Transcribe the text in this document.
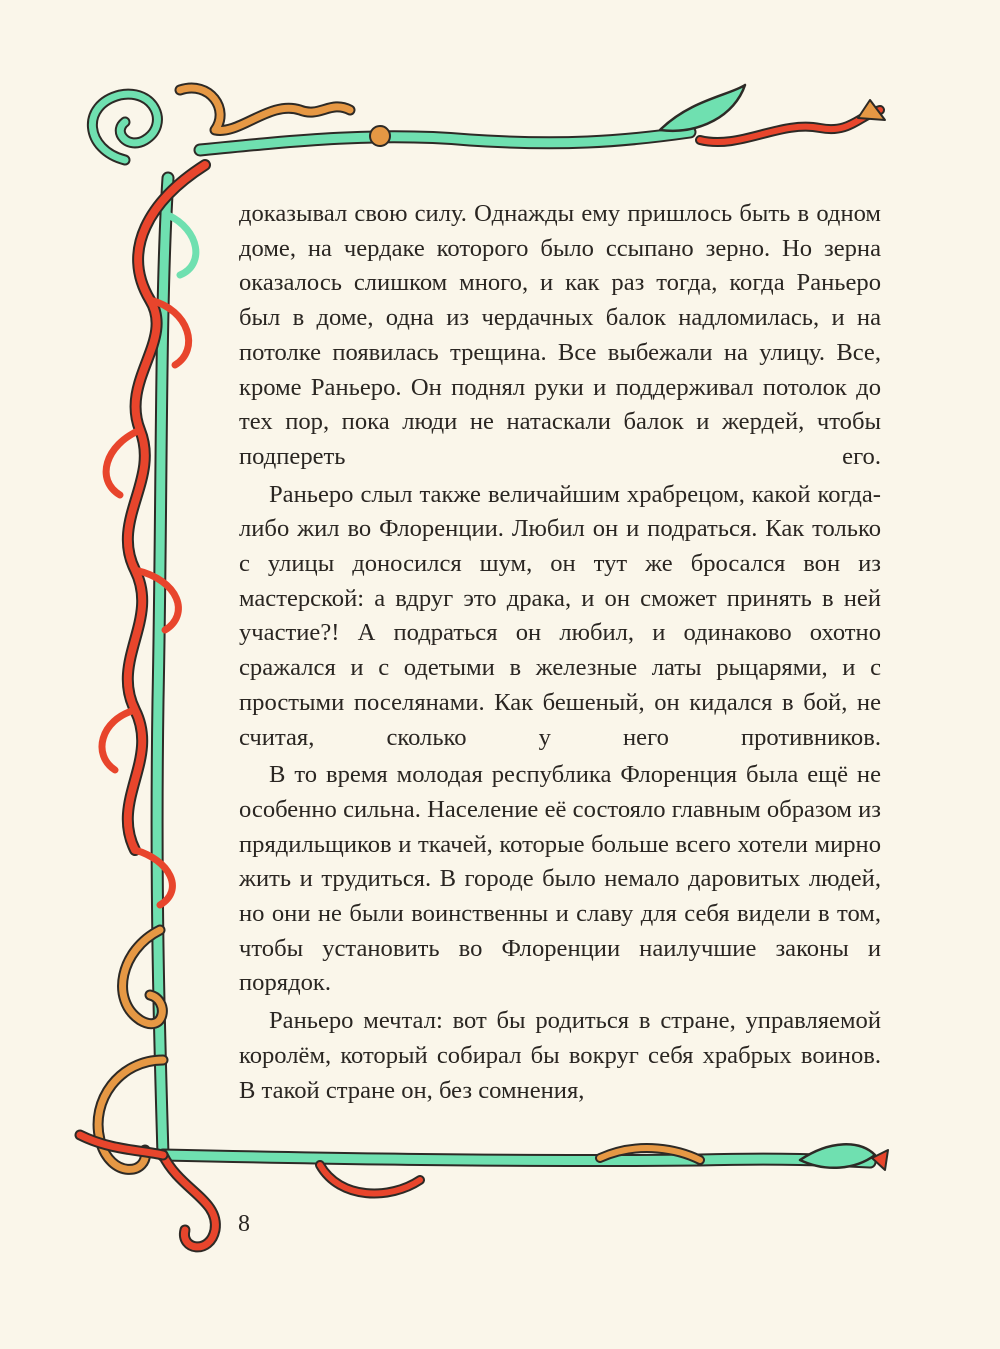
доказывал свою силу. Однажды ему пришлось быть в одном доме, на чердаке которого было ссыпано зерно. Но зерна оказалось слишком много, и как раз тогда, когда Раньеро был в доме, одна из чердачных балок надломилась, и на потолке появилась трещина. Все выбежали на улицу. Все, кроме Раньеро. Он поднял руки и поддерживал потолок до тех пор, пока люди не натаскали балок и жердей, чтобы подпереть его.

Раньеро слыл также величайшим храбрецом, какой когда-либо жил во Флоренции. Любил он и подраться. Как только с улицы доносился шум, он тут же бросался вон из мастерской: а вдруг это драка, и он сможет принять в ней участие?! А подраться он любил, и одинаково охотно сражался и с одетыми в железные латы рыцарями, и с простыми поселянами. Как бешеный, он кидался в бой, не считая, сколько у него противников.

В то время молодая республика Флоренция была ещё не особенно сильна. Население её состояло главным образом из прядильщиков и ткачей, которые больше всего хотели мирно жить и трудиться. В городе было немало даровитых людей, но они не были воинственны и славу для себя видели в том, чтобы установить во Флоренции наилучшие законы и порядок.

Раньеро мечтал: вот бы родиться в стране, управляемой королём, который собирал бы вокруг себя храбрых воинов. В такой стране он, без сомнения,

8
